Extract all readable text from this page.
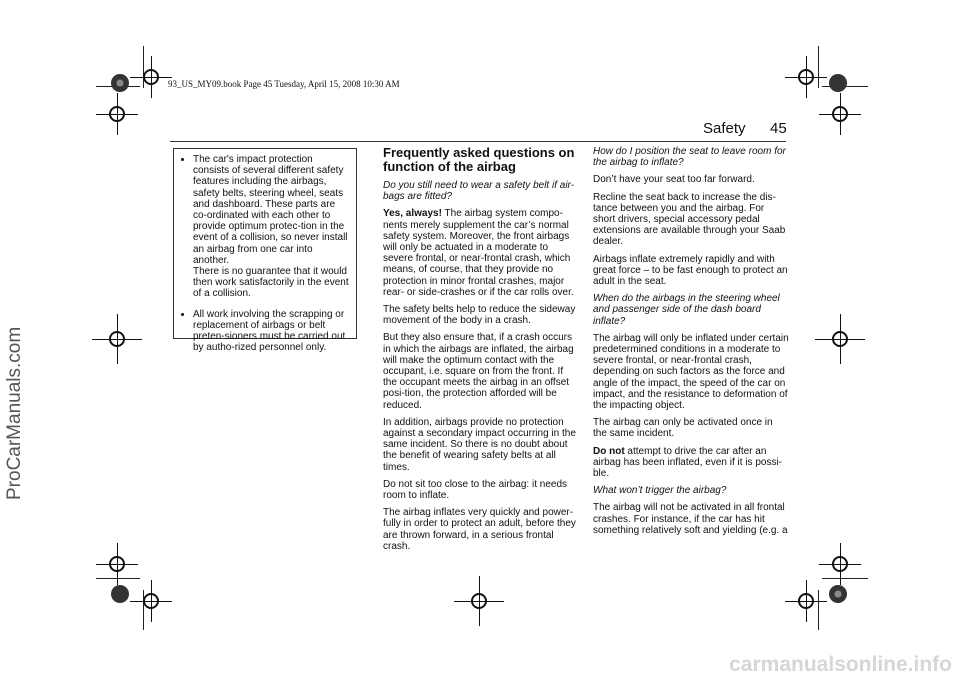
93_US_MY09.book Page 45 Tuesday, April 15, 2008 10:30 AM
Safety 45
ProCarManuals.com
carmanualsonline.info
• The car's impact protection consists of several different safety features including the airbags, safety belts, steering wheel, seats and dashboard. These parts are co-ordinated with each other to provide optimum protec-tion in the event of a collision, so never install an airbag from one car into another.
There is no guarantee that it would then work satisfactorily in the event of a collision.
• All work involving the scrapping or replacement of airbags or belt preten-sioners must be carried out by autho-rized personnel only.
Frequently asked questions on function of the airbag

Do you still need to wear a safety belt if air-bags are fitted?

Yes, always! The airbag system compo-nents merely supplement the car’s normal safety system. Moreover, the front airbags will only be actuated in a moderate to severe frontal, or near-frontal crash, which means, of course, that they provide no protection in minor frontal crashes, major rear- or side-crashes or if the car rolls over.

The safety belts help to reduce the sideway movement of the body in a crash.

But they also ensure that, if a crash occurs in which the airbags are inflated, the airbag will make the optimum contact with the occupant, i.e. square on from the front. If the occupant meets the airbag in an offset posi-tion, the protection afforded will be reduced.

In addition, airbags provide no protection against a secondary impact occurring in the same incident. So there is no doubt about the benefit of wearing safety belts at all times.

Do not sit too close to the airbag: it needs room to inflate.

The airbag inflates very quickly and power-fully in order to protect an adult, before they are thrown forward, in a serious frontal crash.

How do I position the seat to leave room for the airbag to inflate?

Don’t have your seat too far forward.

Recline the seat back to increase the dis-tance between you and the airbag. For short drivers, special accessory pedal extensions are available through your Saab dealer.

Airbags inflate extremely rapidly and with great force – to be fast enough to protect an adult in the seat.

When do the airbags in the steering wheel and passenger side of the dash board inflate?

The airbag will only be inflated under certain predetermined conditions in a moderate to severe frontal, or near-frontal crash, depending on such factors as the force and angle of the impact, the speed of the car on impact, and the resistance to deformation of the impacting object.

The airbag can only be activated once in the same incident.

Do not attempt to drive the car after an airbag has been inflated, even if it is possi-ble.

What won’t trigger the airbag?

The airbag will not be activated in all frontal crashes. For instance, if the car has hit something relatively soft and yielding (e.g. a
